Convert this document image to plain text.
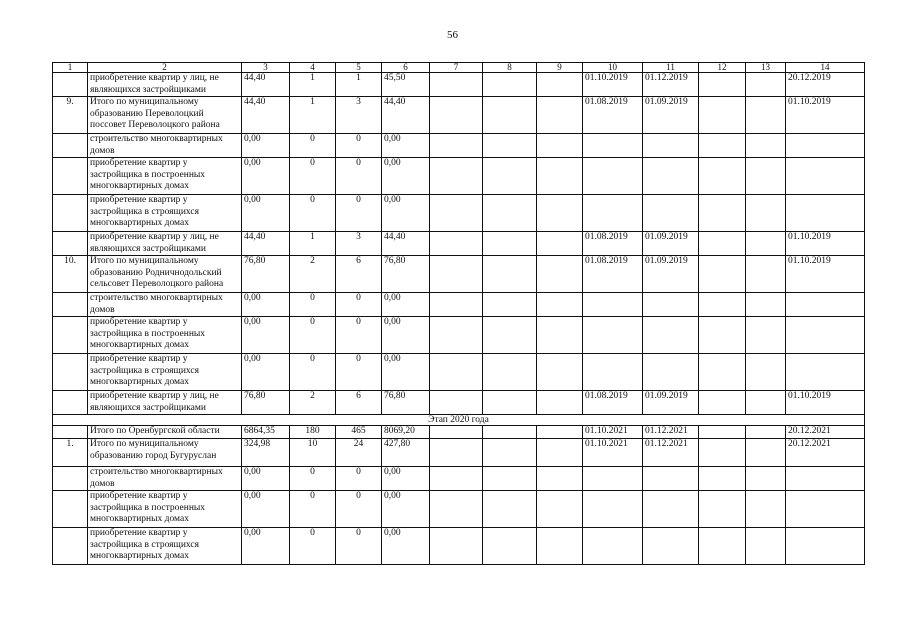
56
1	2	3	4	5	6	7	8	9	10	11	12	13	14
	приобретение квартир у лиц, не являющихся застройщиками	44,40	1	1	45,50				01.10.2019	01.12.2019			20.12.2019
9.	Итого по муниципальному образованию Переволоцкий поссовет Переволоцкого района	44,40	1	3	44,40				01.08.2019	01.09.2019			01.10.2019
	строительство многоквартирных домов	0,00	0	0	0,00								
	приобретение квартир у застройщика в построенных многоквартирных домах	0,00	0	0	0,00								
	приобретение квартир у застройщика в строящихся многоквартирных домах	0,00	0	0	0,00								
	приобретение квартир у лиц, не являющихся застройщиками	44,40	1	3	44,40				01.08.2019	01.09.2019			01.10.2019
10.	Итого по муниципальному образованию Родничнодольский сельсовет Переволоцкого района	76,80	2	6	76,80				01.08.2019	01.09.2019			01.10.2019
	строительство многоквартирных домов	0,00	0	0	0,00								
	приобретение квартир у застройщика в построенных многоквартирных домах	0,00	0	0	0,00								
	приобретение квартир у застройщика в строящихся многоквартирных домах	0,00	0	0	0,00								
	приобретение квартир у лиц, не являющихся застройщиками	76,80	2	6	76,80				01.08.2019	01.09.2019			01.10.2019
Этап 2020 года													
	Итого по Оренбургской области	6864,35	180	465	8069,20				01.10.2021	01.12.2021			20.12.2021
1.	Итого по муниципальному образованию город Бугуруслан	324,98	10	24	427,80				01.10.2021	01.12.2021			20.12.2021
	строительство многоквартирных домов	0,00	0	0	0,00								
	приобретение квартир у застройщика в построенных многоквартирных домах	0,00	0	0	0,00								
	приобретение квартир у застройщика в строящихся многоквартирных домах	0,00	0	0	0,00								
